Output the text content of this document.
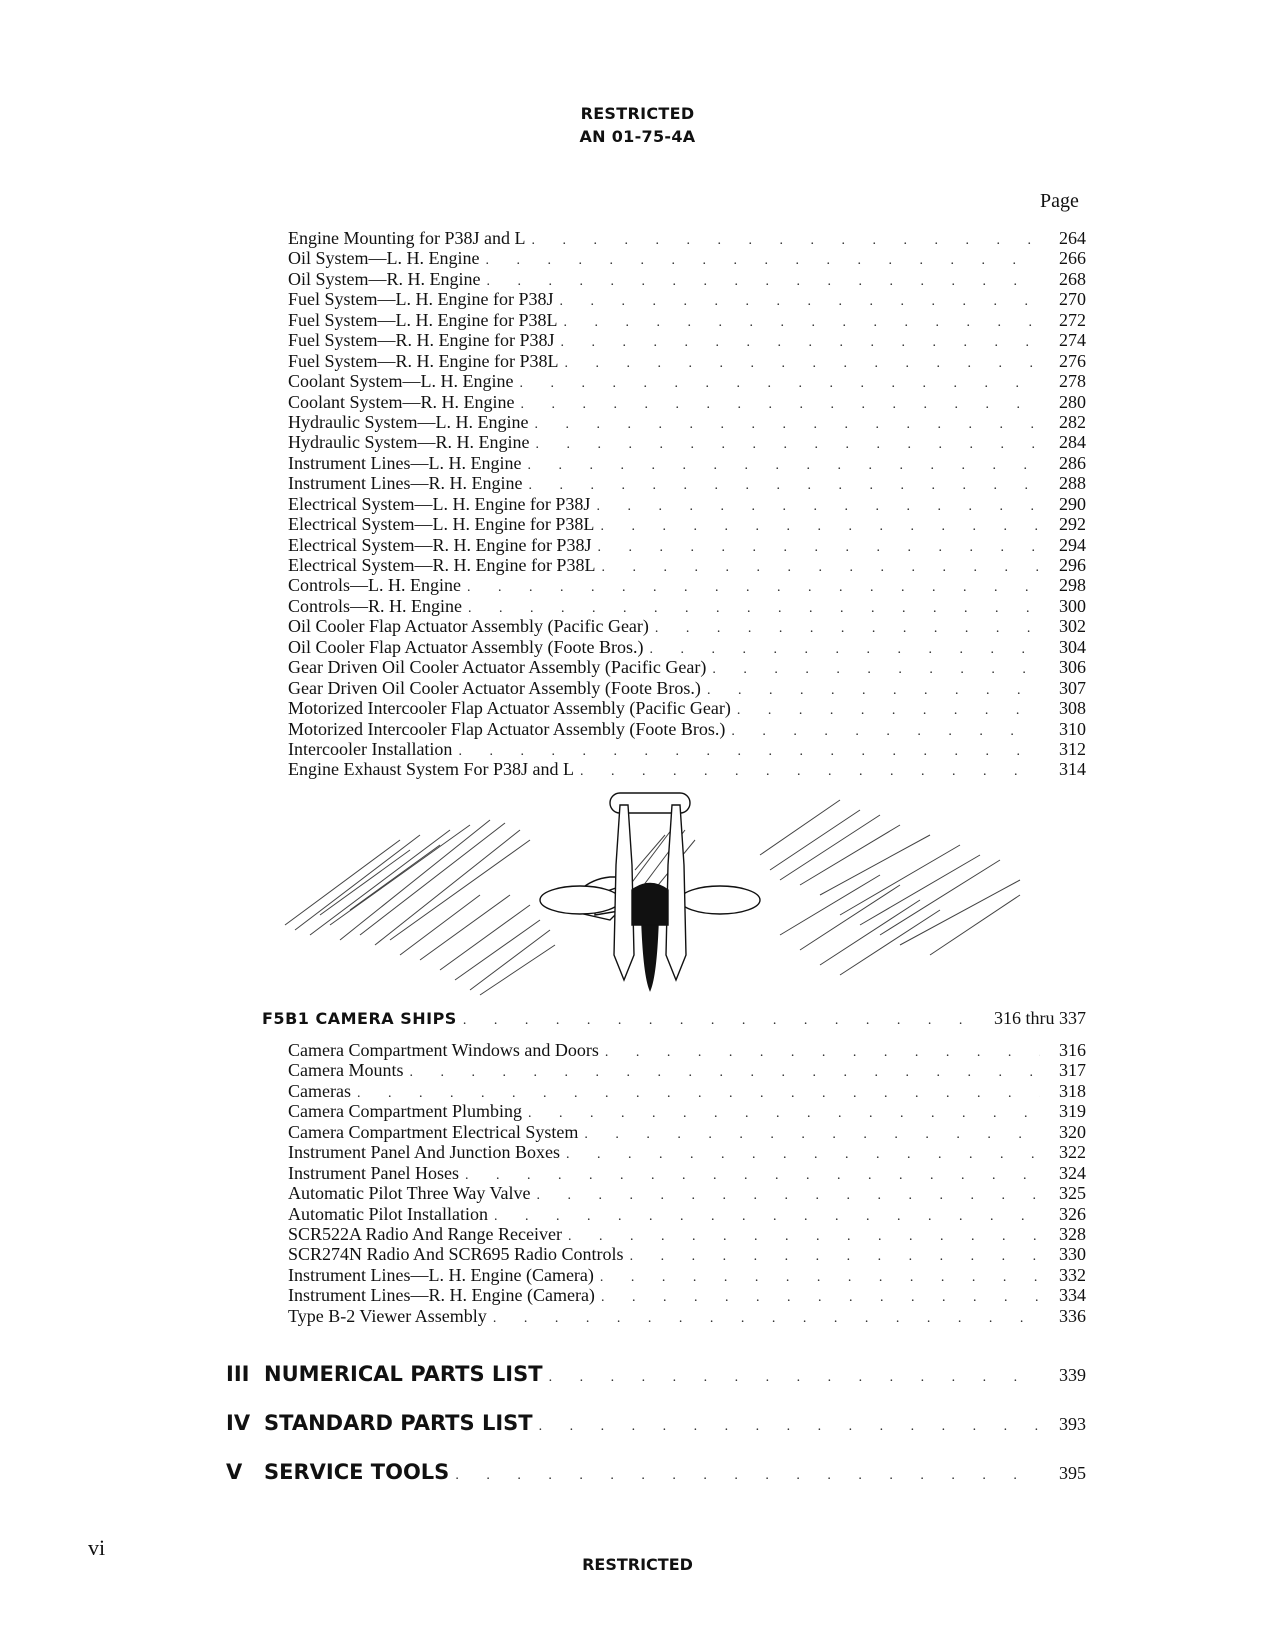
RESTRICTED
AN 01-75-4A
Page
Engine Mounting for P38J and L . . .	264
Oil System—L. H. Engine . . .	266
Oil System—R. H. Engine . . .	268
Fuel System—L. H. Engine for P38J . . .	270
Fuel System—L. H. Engine for P38L . . .	272
Fuel System—R. H. Engine for P38J . . .	274
Fuel System—R. H. Engine for P38L . . .	276
Coolant System—L. H. Engine . . .	278
Coolant System—R. H. Engine . . .	280
Hydraulic System—L. H. Engine . . .	282
Hydraulic System—R. H. Engine . . .	284
Instrument Lines—L. H. Engine . . .	286
Instrument Lines—R. H. Engine . . .	288
Electrical System—L. H. Engine for P38J . . .	290
Electrical System—L. H. Engine for P38L . . .	292
Electrical System—R. H. Engine for P38J . . .	294
Electrical System—R. H. Engine for P38L . . .	296
Controls—L. H. Engine . . .	298
Controls—R. H. Engine . . .	300
Oil Cooler Flap Actuator Assembly (Pacific Gear) . . .	302
Oil Cooler Flap Actuator Assembly (Foote Bros.) . . .	304
Gear Driven Oil Cooler Actuator Assembly (Pacific Gear) . . .	306
Gear Driven Oil Cooler Actuator Assembly (Foote Bros.) . . .	307
Motorized Intercooler Flap Actuator Assembly (Pacific Gear) . . .	308
Motorized Intercooler Flap Actuator Assembly (Foote Bros.) . . .	310
Intercooler Installation . . .	312
Engine Exhaust System For P38J and L . . .	314
F5B1 CAMERA SHIPS . . .	316 thru 337
Camera Compartment Windows and Doors . . .	316
Camera Mounts . . .	317
Cameras . . .	318
Camera Compartment Plumbing . . .	319
Camera Compartment Electrical System . . .	320
Instrument Panel And Junction Boxes . . .	322
Instrument Panel Hoses . . .	324
Automatic Pilot Three Way Valve . . .	325
Automatic Pilot Installation . . .	326
SCR522A Radio And Range Receiver . . .	328
SCR274N Radio And SCR695 Radio Controls . . .	330
Instrument Lines—L. H. Engine (Camera) . . .	332
Instrument Lines—R. H. Engine (Camera) . . .	334
Type B-2 Viewer Assembly . . .	336
III NUMERICAL PARTS LIST . . .	339
IV STANDARD PARTS LIST . . .	393
V	SERVICE TOOLS . . .	395
vi
RESTRICTED
